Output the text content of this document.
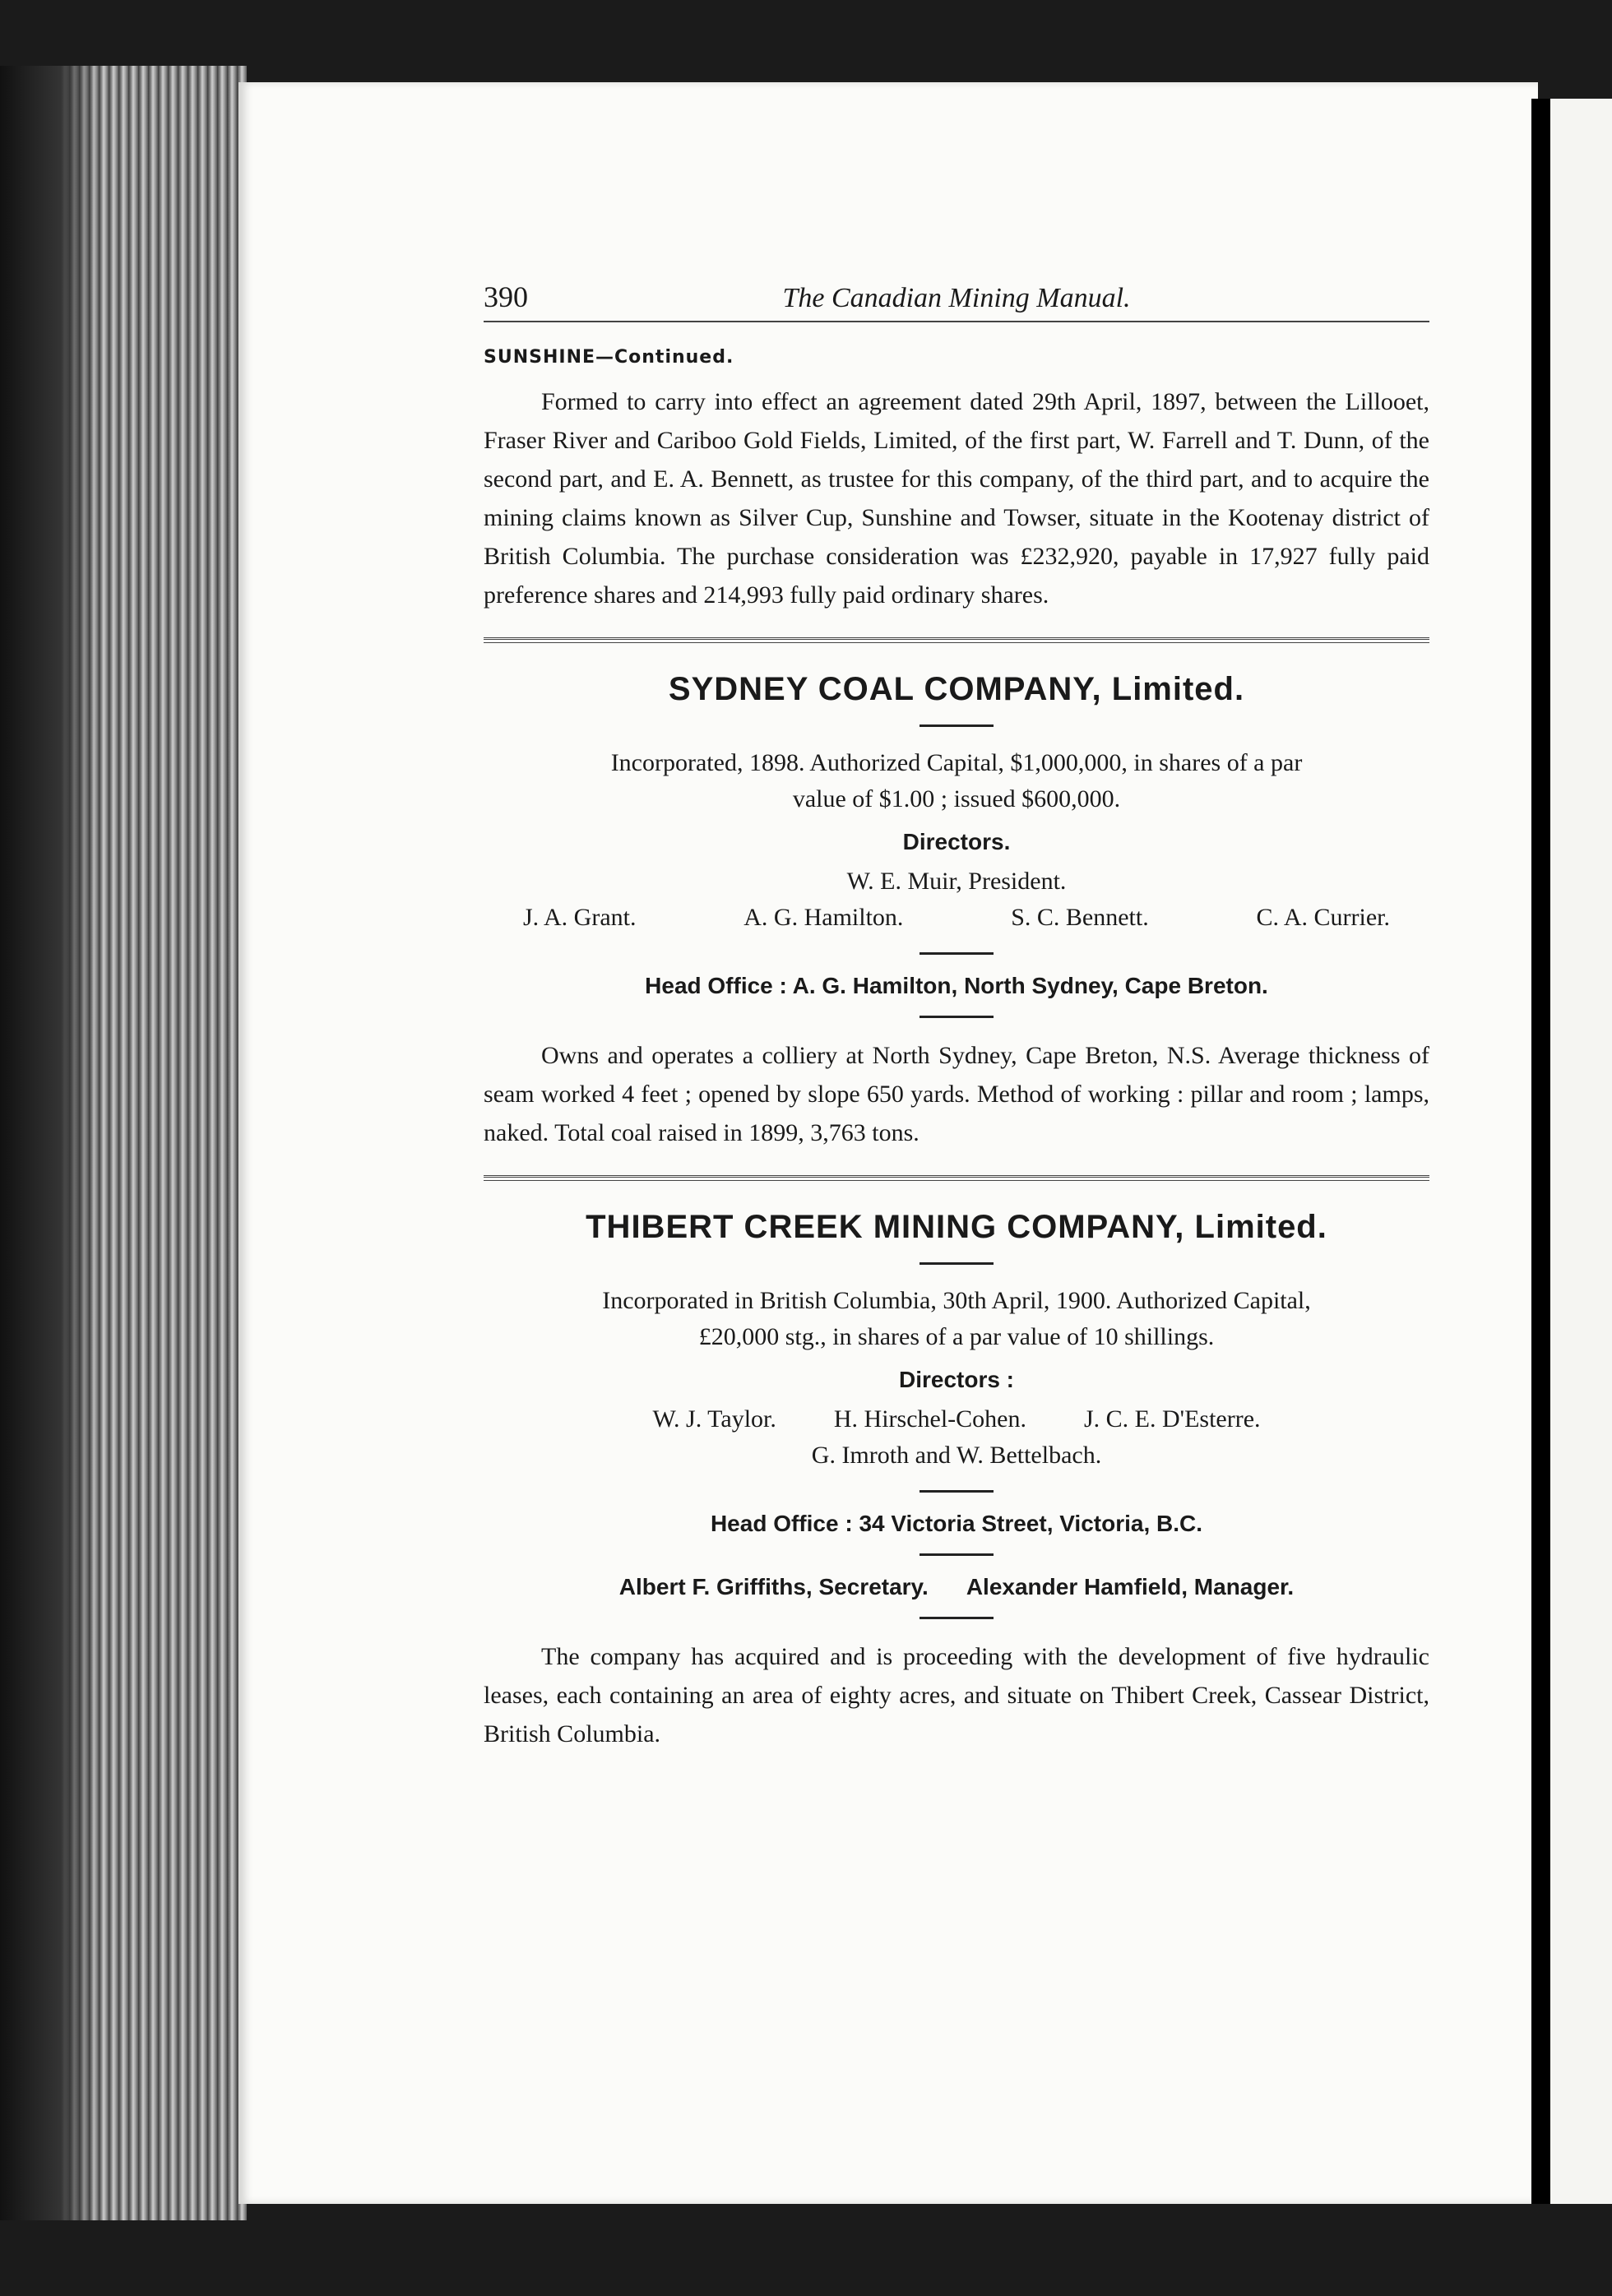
390	The Canadian Mining Manual.
SUNSHINE—Continued.

Formed to carry into effect an agreement dated 29th April, 1897, between the Lillooet, Fraser River and Cariboo Gold Fields, Limited, of the first part, W. Farrell and T. Dunn, of the second part, and E. A. Bennett, as trustee for this company, of the third part, and to acquire the mining claims known as Silver Cup, Sunshine and Towser, situate in the Kootenay district of British Columbia. The purchase consideration was £232,920, payable in 17,927 fully paid preference shares and 214,993 fully paid ordinary shares.

SYDNEY COAL COMPANY, Limited.

Incorporated, 1898. Authorized Capital, $1,000,000, in shares of a par

value of $1.00 ; issued $600,000.

Directors.

W. E. Muir, President.

J. A. Grant.	A. G. Hamilton.	S. C. Bennett.	C. A. Currier.
Head Office : A. G. Hamilton, North Sydney, Cape Breton.

Owns and operates a colliery at North Sydney, Cape Breton, N.S. Average thickness of seam worked 4 feet ; opened by slope 650 yards. Method of working : pillar and room ; lamps, naked. Total coal raised in 1899, 3,763 tons.

THIBERT CREEK MINING COMPANY, Limited.

Incorporated in British Columbia, 30th April, 1900. Authorized Capital,

£20,000 stg., in shares of a par value of 10 shillings.

Directors :
W. J. Taylor. H. Hirschel-Cohen. J. C. E. D'Esterre.

G. Imroth and W. Bettelbach.

Head Office : 34 Victoria Street, Victoria, B.C.
Albert F. Griffiths, Secretary. Alexander Hamfield, Manager.

The company has acquired and is proceeding with the development of five hydraulic leases, each containing an area of eighty acres, and situate on Thibert Creek, Cassear District, British Columbia.
